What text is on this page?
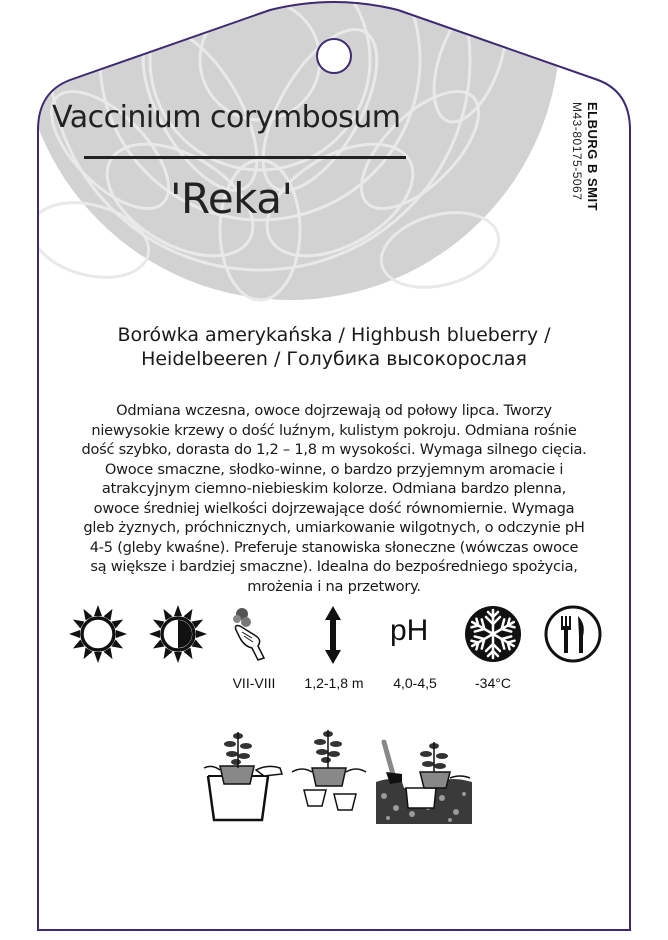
Vaccinium corymbosum
'Reka'	ELBURG B SMIT
M43-80175-5067

Borówka amerykańska / Highbush blueberry /
Heidelbeeren / Голубика высокорослая

Odmiana wczesna, owoce dojrzewają od połowy lipca. Tworzy niewysokie krzewy o dość luźnym, kulistym pokroju. Odmiana rośnie dość szybko, dorasta do 1,2 – 1,8 m wysokości. Wymaga silnego cięcia. Owoce smaczne, słodko-winne, o bardzo przyjemnym aromacie i atrakcyjnym ciemno-niebieskim kolorze. Odmiana bardzo plenna, owoce średniej wielkości dojrzewające dość równomiernie. Wymaga gleb żyznych, próchnicznych, umiarkowanie wilgotnych, o odczynie pH 4-5 (gleby kwaśne). Preferuje stanowiska słoneczne (wówczas owoce są większe i bardziej smaczne). Idealna do bezpośredniego spożycia, mrożenia i na przetwory.

pH
VII-VIII	1,2-1,8 m	4,0-4,5	-34°C
